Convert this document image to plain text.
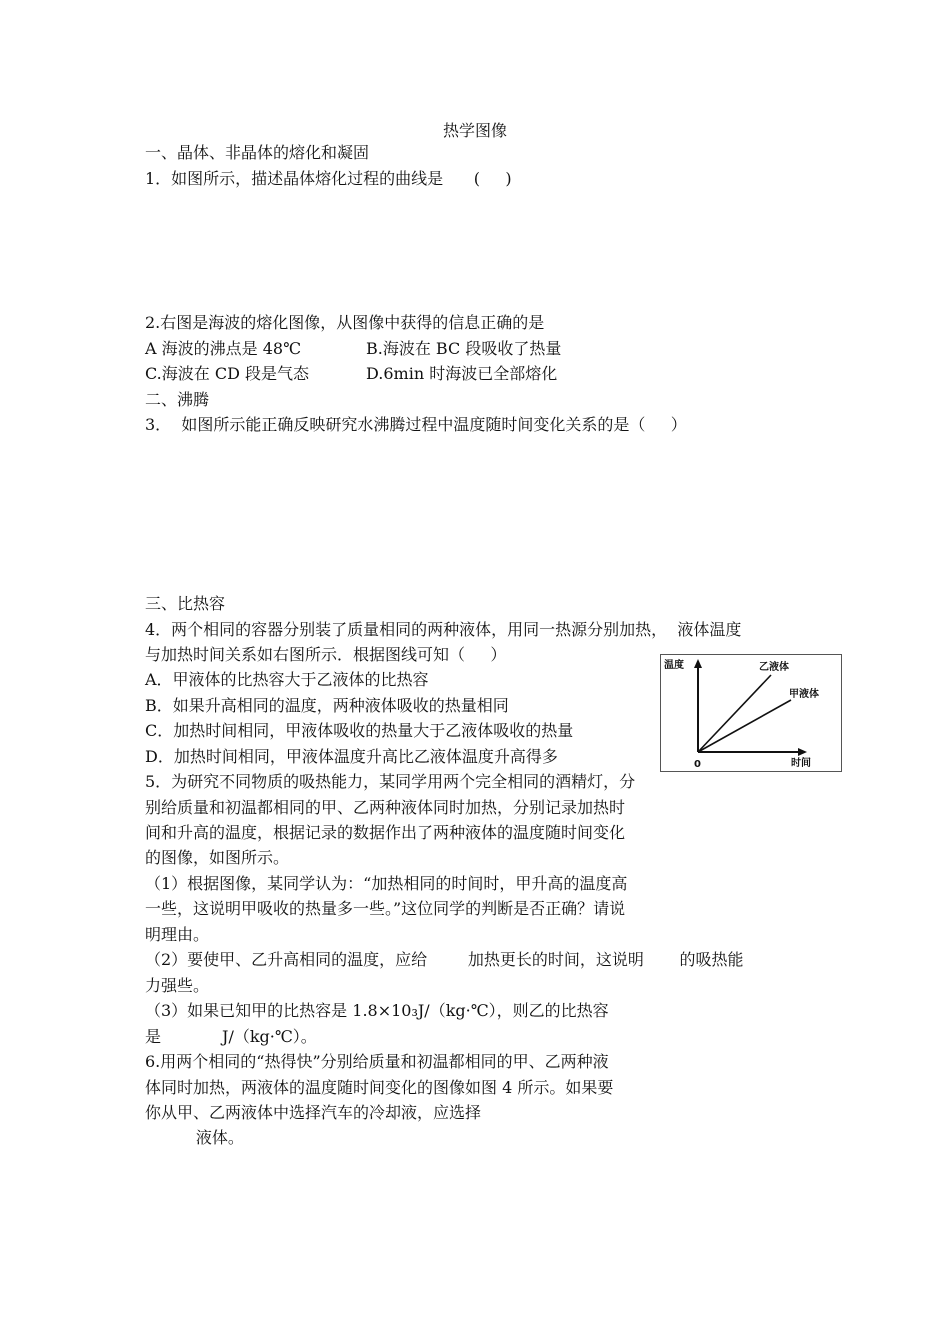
热学图像
一、晶体、非晶体的熔化和凝固
1．如图所示，描述晶体熔化过程的曲线是      (     )
2.右图是海波的熔化图像，从图像中获得的信息正确的是
A 海波的沸点是 48℃	B.海波在 BC 段吸收了热量
C.海波在 CD 段是气态	D.6min 时海波已全部熔化
二、沸腾
3．  如图所示能正确反映研究水沸腾过程中温度随时间变化关系的是（     ）
三、比热容
4．两个相同的容器分别装了质量相同的两种液体，用同一热源分别加热，  液体温度
与加热时间关系如右图所示．根据图线可知（     ）
A．甲液体的比热容大于乙液体的比热容
B．如果升高相同的温度，两种液体吸收的热量相同
C．加热时间相同，甲液体吸收的热量大于乙液体吸收的热量
D．加热时间相同，甲液体温度升高比乙液体温度升高得多
温度
时间
0
乙液体
甲液体
5．为研究不同物质的吸热能力，某同学用两个完全相同的酒精灯，分
别给质量和初温都相同的甲、乙两种液体同时加热，分别记录加热时
间和升高的温度，根据记录的数据作出了两种液体的温度随时间变化
的图像，如图所示。
（1）根据图像，某同学认为：“加热相同的时间时，甲升高的温度高
一些，这说明甲吸收的热量多一些。”这位同学的判断是否正确？请说
明理由。
（2）要使甲、乙升高相同的温度，应给        加热更长的时间，这说明       的吸热能
力强些。
（3）如果已知甲的比热容是 1.8×10₃J/（kg·℃），则乙的比热容
是            J/（kg·℃）。
6.用两个相同的“热得快”分别给质量和初温都相同的甲、乙两种液
体同时加热，两液体的温度随时间变化的图像如图 4 所示。如果要
你从甲、乙两液体中选择汽车的冷却液，应选择
液体。
